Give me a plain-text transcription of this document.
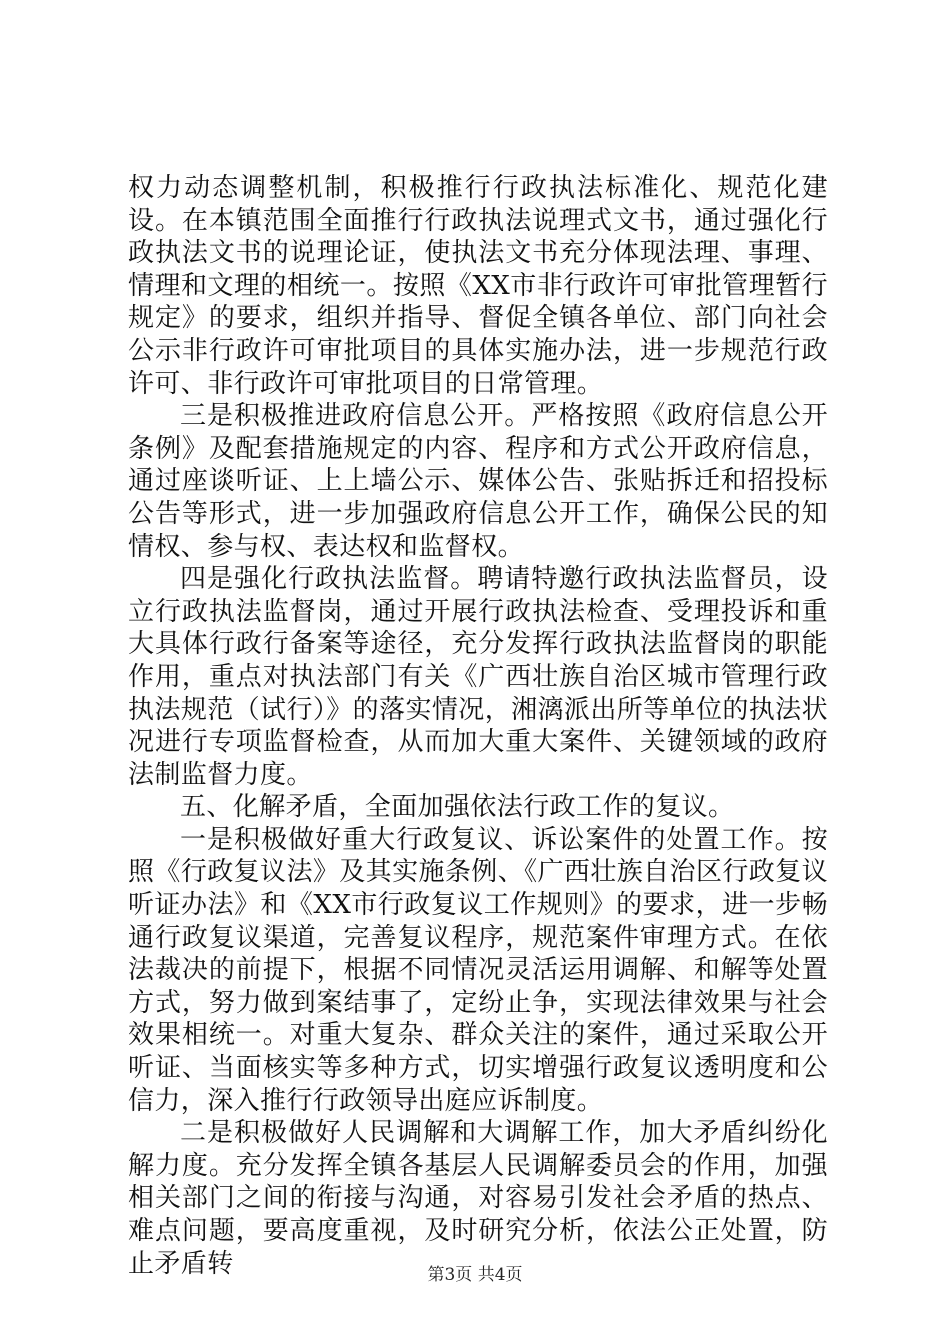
权力动态调整机制，积极推行行政执法标准化、规范化建设。在本镇范围全面推行行政执法说理式文书，通过强化行政执法文书的说理论证，使执法文书充分体现法理、事理、情理和文理的相统一。按照《XX市非行政许可审批管理暂行规定》的要求，组织并指导、督促全镇各单位、部门向社会公示非行政许可审批项目的具体实施办法，进一步规范行政许可、非行政许可审批项目的日常管理。

三是积极推进政府信息公开。严格按照《政府信息公开条例》及配套措施规定的内容、程序和方式公开政府信息，通过座谈听证、上上墙公示、媒体公告、张贴拆迁和招投标公告等形式，进一步加强政府信息公开工作，确保公民的知情权、参与权、表达权和监督权。

四是强化行政执法监督。聘请特邀行政执法监督员，设立行政执法监督岗，通过开展行政执法检查、受理投诉和重大具体行政行备案等途径，充分发挥行政执法监督岗的职能作用，重点对执法部门有关《广西壮族自治区城市管理行政执法规范（试行）》的落实情况，湘漓派出所等单位的执法状况进行专项监督检查，从而加大重大案件、关键领域的政府法制监督力度。

五、化解矛盾，全面加强依法行政工作的复议。

一是积极做好重大行政复议、诉讼案件的处置工作。按照《行政复议法》及其实施条例、《广西壮族自治区行政复议听证办法》和《XX市行政复议工作规则》的要求，进一步畅通行政复议渠道，完善复议程序，规范案件审理方式。在依法裁决的前提下，根据不同情况灵活运用调解、和解等处置方式，努力做到案结事了，定纷止争，实现法律效果与社会效果相统一。对重大复杂、群众关注的案件，通过采取公开听证、当面核实等多种方式，切实增强行政复议透明度和公信力，深入推行行政领导出庭应诉制度。

二是积极做好人民调解和大调解工作，加大矛盾纠纷化解力度。充分发挥全镇各基层人民调解委员会的作用，加强相关部门之间的衔接与沟通，对容易引发社会矛盾的热点、难点问题，要高度重视，及时研究分析，依法公正处置，防止矛盾转	第3页 共4页
